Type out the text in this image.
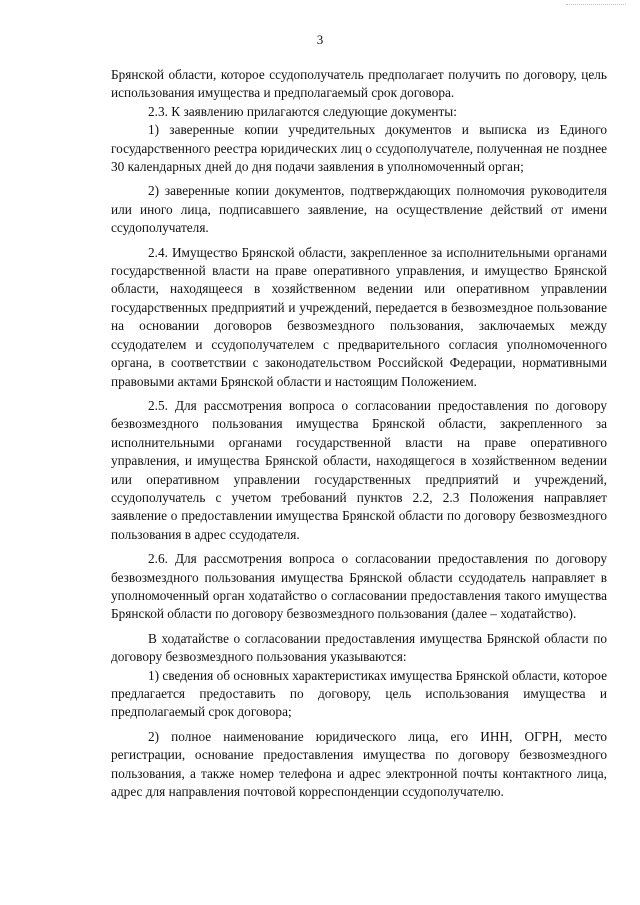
3

Брянской области, которое ссудополучатель предполагает получить по договору, цель использования имущества и предполагаемый срок договора.

2.3. К заявлению прилагаются следующие документы:

1) заверенные копии учредительных документов и выписка из Единого государственного реестра юридических лиц о ссудополучателе, полученная не позднее 30 календарных дней до дня подачи заявления в уполномоченный орган;

2) заверенные копии документов, подтверждающих полномочия руководителя или иного лица, подписавшего заявление, на осуществление действий от имени ссудополучателя.

2.4. Имущество Брянской области, закрепленное за исполнительными органами государственной власти на праве оперативного управления, и имущество Брянской области, находящееся в хозяйственном ведении или оперативном управлении государственных предприятий и учреждений, передается в безвозмездное пользование на основании договоров безвозмездного пользования, заключаемых между ссудодателем и ссудополучателем с предварительного согласия уполномоченного органа, в соответствии с законодательством Российской Федерации, нормативными правовыми актами Брянской области и настоящим Положением.

2.5. Для рассмотрения вопроса о согласовании предоставления по договору безвозмездного пользования имущества Брянской области, закрепленного за исполнительными органами государственной власти на праве оперативного управления, и имущества Брянской области, находящегося в хозяйственном ведении или оперативном управлении государственных предприятий и учреждений, ссудополучатель с учетом требований пунктов 2.2, 2.3 Положения направляет заявление о предоставлении имущества Брянской области по договору безвозмездного пользования в адрес ссудодателя.

2.6. Для рассмотрения вопроса о согласовании предоставления по договору безвозмездного пользования имущества Брянской области ссудодатель направляет в уполномоченный орган ходатайство о согласовании предоставления такого имущества Брянской области по договору безвозмездного пользования (далее – ходатайство).

В ходатайстве о согласовании предоставления имущества Брянской области по договору безвозмездного пользования указываются:

1) сведения об основных характеристиках имущества Брянской области, которое предлагается предоставить по договору, цель использования имущества и предполагаемый срок договора;

2) полное наименование юридического лица, его ИНН, ОГРН, место регистрации, основание предоставления имущества по договору безвозмездного пользования, а также номер телефона и адрес электронной почты контактного лица, адрес для направления почтовой корреспонденции ссудополучателю.
